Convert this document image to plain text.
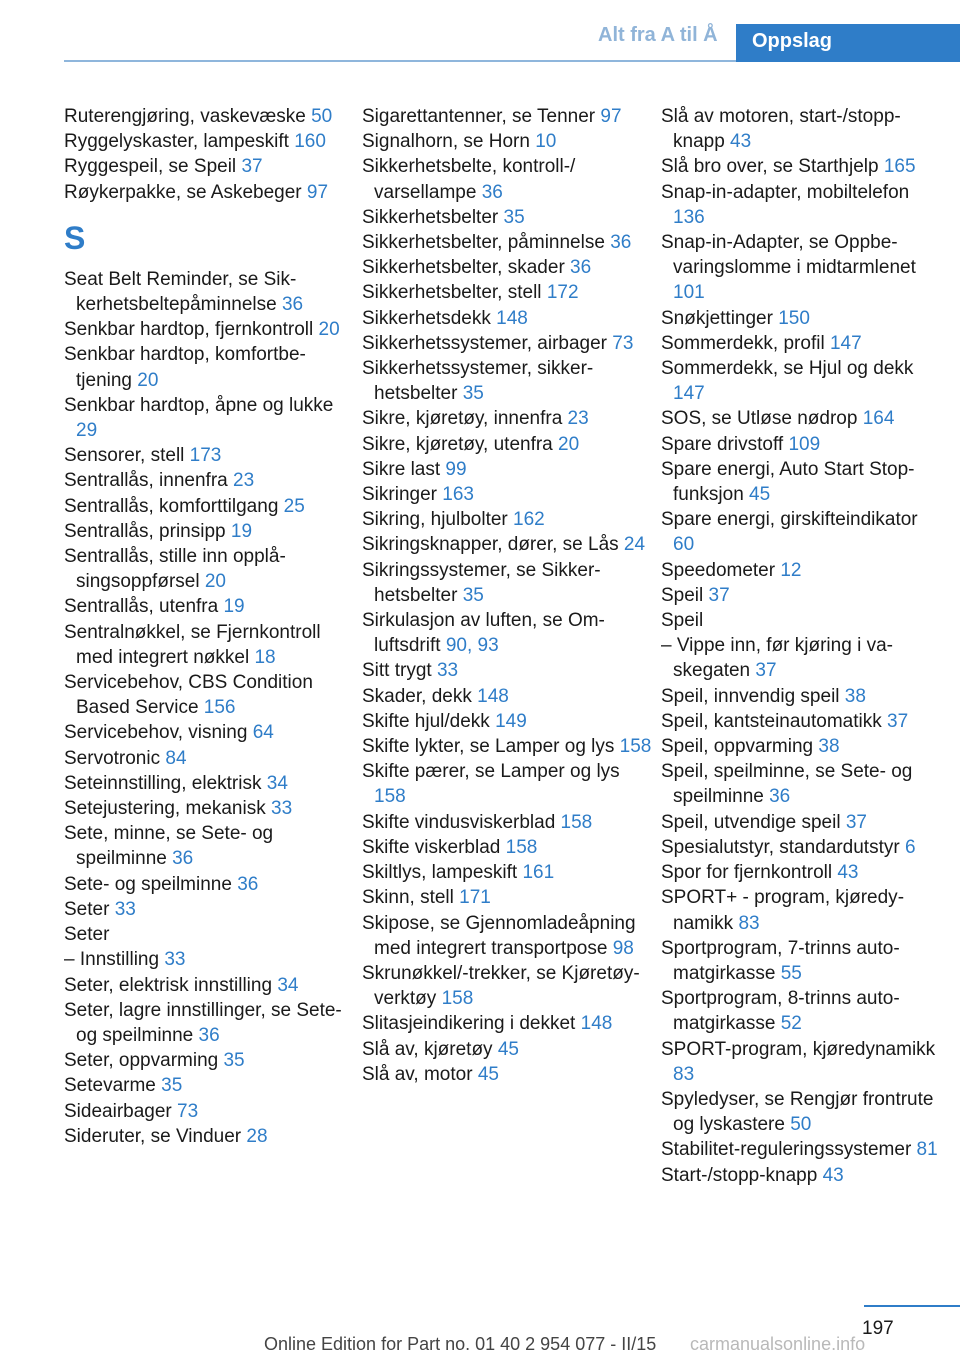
Alt fra A til Å	Oppslag

Ruterengjøring, vaskevæske 50

Ryggelyskaster, lampeskift 160

Ryggespeil, se Speil 37

Røykerpakke, se Askebeger 97

S

Seat Belt Reminder, se Sikkerhetsbeltepåminnelse 36

Senkbar hardtop, fjernkontroll 20

Senkbar hardtop, komfortbetjening 20

Senkbar hardtop, åpne og lukke 29

Sensorer, stell 173

Sentrallås, innenfra 23

Sentrallås, komforttilgang 25

Sentrallås, prinsipp 19

Sentrallås, stille inn opplåsingsoppførsel 20

Sentrallås, utenfra 19

Sentralnøkkel, se Fjernkontroll med integrert nøkkel 18

Servicebehov, CBS Condition Based Service 156

Servicebehov, visning 64

Servotronic 84

Seteinnstilling, elektrisk 34

Setejustering, mekanisk 33

Sete, minne, se Sete- og speilminne 36

Sete- og speilminne 36

Seter 33

Seter

– Innstilling 33

Seter, elektrisk innstilling 34

Seter, lagre innstillinger, se Sete- og speilminne 36

Seter, oppvarming 35

Setevarme 35

Sideairbager 73

Sideruter, se Vinduer 28

Sigarettantenner, se Tenner 97

Signalhorn, se Horn 10

Sikkerhetsbelte, kontroll-/ varsellampe 36

Sikkerhetsbelter 35

Sikkerhetsbelter, påminnelse 36

Sikkerhetsbelter, skader 36

Sikkerhetsbelter, stell 172

Sikkerhetsdekk 148

Sikkerhetssystemer, airbager 73

Sikkerhetssystemer, sikkerhetsbelter 35

Sikre, kjøretøy, innenfra 23

Sikre, kjøretøy, utenfra 20

Sikre last 99

Sikringer 163

Sikring, hjulbolter 162

Sikringsknapper, dører, se Lås 24

Sikringssystemer, se Sikkerhetsbelter 35

Sirkulasjon av luften, se Omluftsdrift 90, 93

Sitt trygt 33

Skader, dekk 148

Skifte hjul/dekk 149

Skifte lykter, se Lamper og lys 158

Skifte pærer, se Lamper og lys 158

Skifte vindusviskerblad 158

Skifte viskerblad 158

Skiltlys, lampeskift 161

Skinn, stell 171

Skipose, se Gjennomladeåpning med integrert transportpose 98

Skrunøkkel/-trekker, se Kjøretøy-verktøy 158

Slitasjeindikering i dekket 148

Slå av, kjøretøy 45

Slå av, motor 45

Slå av motoren, start-/stopp-knapp 43

Slå bro over, se Starthjelp 165

Snap-in-adapter, mobiltelefon 136

Snap-in-Adapter, se Oppbevaringslomme i midtarmlenet 101

Snøkjettinger 150

Sommerdekk, profil 147

Sommerdekk, se Hjul og dekk 147

SOS, se Utløse nødrop 164

Spare drivstoff 109

Spare energi, Auto Start Stop-funksjon 45

Spare energi, girskifteindikator 60

Speedometer 12

Speil 37

Speil

– Vippe inn, før kjøring i vaskegaten 37

Speil, innvendig speil 38

Speil, kantsteinautomatikk 37

Speil, oppvarming 38

Speil, speilminne, se Sete- og speilminne 36

Speil, utvendige speil 37

Spesialutstyr, standardutstyr 6

Spor for fjernkontroll 43

SPORT+ - program, kjøredynamikk 83

Sportprogram, 7-trinns automatgirkasse 55

Sportprogram, 8-trinns automatgirkasse 52

SPORT-program, kjøredynamikk 83

Spyledyser, se Rengjør frontrute og lyskastere 50

Stabilitet-reguleringssystemer 81

Start-/stopp-knapp 43

197
Online Edition for Part no. 01 40 2 954 077 - II/15 carmanualsonline.info
